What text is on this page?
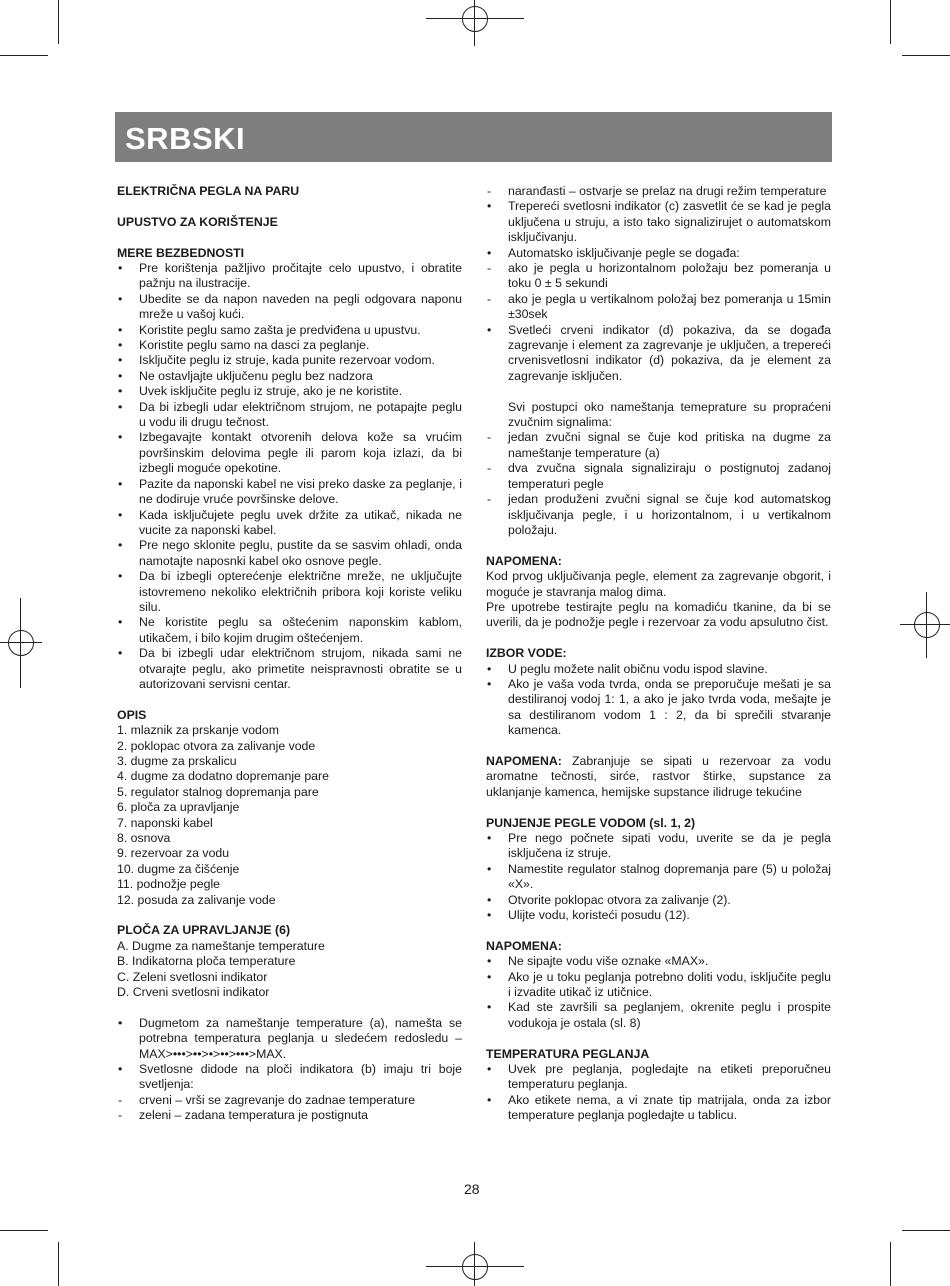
SRBSKI
ELEKTRIČNA PEGLA NA PARU
UPUSTVO ZA KORIŠTENJE
MERE BEZBEDNOSTI
• Pre korištenja pažljivo pročitajte celo upustvo, i obratite pažnju na ilustracije.
• Ubedite se da napon naveden na pegli odgovara naponu mreže u vašoj kući.
• Koristite peglu samo zašta je predviđena u upustvu.
• Koristite peglu samo na dasci za peglanje.
• Isključite peglu iz struje, kada punite rezervoar vodom.
• Ne ostavljajte uključenu peglu bez nadzora
• Uvek isključite peglu iz struje, ako je ne koristite.
• Da bi izbegli udar električnom strujom, ne potapajte peglu u vodu ili drugu tečnost.
• Izbegavajte kontakt otvorenih delova kože sa vrućim površinskim delovima pegle ili parom koja izlazi, da bi izbegli moguće opekotine.
• Pazite da naponski kabel ne visi preko daske za peglanje, i ne dodiruje vruće površinske delove.
• Kada isključujete peglu uvek držite za utikač, nikada ne vucite za naponski kabel.
• Pre nego sklonite peglu, pustite da se sasvim ohladi, onda namotajte naposnki kabel oko osnove pegle.
• Da bi izbegli opterećenje električne mreže, ne uključujte istovremeno nekoliko električnih pribora koji koriste veliku silu.
• Ne koristite peglu sa oštećenim naponskim kablom, utikačem, i bilo kojim drugim oštećenjem.
• Da bi izbegli udar električnom strujom, nikada sami ne otvarajte peglu, ako primetite neispravnosti obratite se u autorizovani servisni centar.
OPIS
1. mlaznik za prskanje vodom
2. poklopac otvora za zalivanje vode
3. dugme za prskalicu
4. dugme za dodatno dopremanje pare
5. regulator stalnog dopremanja pare
6. ploča za upravljanje
7. naponski kabel
8. osnova
9. rezervoar za vodu
10. dugme za čišćenje
11. podnožje pegle
12. posuda za zalivanje vode
PLOČA ZA UPRAVLJANJE (6)
A. Dugme za nameštanje temperature
B. Indikatorna ploča temperature
C. Zeleni svetlosni indikator
D. Crveni svetlosni indikator
• Dugmetom za nameštanje temperature (a), namešta se potrebna temperatura peglanja u sledećem redosledu – MAX>•••>••>•>••>•••>MAX.
• Svetlosne didode na ploči indikatora (b) imaju tri boje svetljenja:
- crveni – vrši se zagrevanje do zadnae temperature
- zeleni – zadana temperatura je postignuta
- naranđasti – ostvarje se prelaz na drugi režim temperature
• Trepereći svetlosni indikator (c) zasvetlit će se kad je pegla uključena u struju, a isto tako signalizirujet o automatskom isključivanju.
• Automatsko isključivanje pegle se događa:
- ako je pegla u horizontalnom položaju bez pomeranja u toku 0 ± 5 sekundi
- ako je pegla u vertikalnom položaj bez pomeranja u 15min ±30sek
• Svetleći crveni indikator (d) pokaziva, da se događa zagrevanje i element za zagrevanje je uključen, a trepereći crvenisvetlosni indikator (d) pokaziva, da je element za zagrevanje isključen.
Svi postupci oko nameštanja temeprature su propraćeni zvučnim signalima:
- jedan zvučni signal se čuje kod pritiska na dugme za nameštanje temperature (a)
- dva zvučna signala signaliziraju o postignutoj zadanoj temperaturi pegle
- jedan produženi zvučni signal se čuje kod automatskog isključivanja pegle, i u horizontalnom, i u vertikalnom položaju.
NAPOMENA:
Kod prvog uključivanja pegle, element za zagrevanje obgorit, i moguće je stavranja malog dima.
Pre upotrebe testirajte peglu na komadiću tkanine, da bi se uverili, da je podnožje pegle i rezervoar za vodu apsulutno čist.
IZBOR VODE:
• U peglu možete nalit običnu vodu ispod slavine.
• Ako je vaša voda tvrda, onda se preporučuje mešati je sa destiliranoj vodoj 1: 1, a ako je jako tvrda voda, mešajte je sa destiliranom vodom 1 : 2, da bi sprečili stvaranje kamenca.
NAPOMENA: Zabranjuje se sipati u rezervoar za vodu aromatne tečnosti, sirće, rastvor štirke, supstance za uklanjanje kamenca, hemijske supstance ilidruge tekućine
PUNJENJE PEGLE VODOM (sl. 1, 2)
• Pre nego počnete sipati vodu, uverite se da je pegla isključena iz struje.
• Namestite regulator stalnog dopremanja pare (5) u položaj «X».
• Otvorite poklopac otvora za zalivanje (2).
• Ulijte vodu, koristeći posudu (12).
NAPOMENA:
• Ne sipajte vodu više oznake «MAX».
• Ako je u toku peglanja potrebno doliti vodu, isključite peglu i izvadite utikač iz utičnice.
• Kad ste završili sa peglanjem, okrenite peglu i prospite vodukoja je ostala (sl. 8)
TEMPERATURA PEGLANJA
• Uvek pre peglanja, pogledajte na etiketi preporučneu temperaturu peglanja.
• Ako etikete nema, a vi znate tip matrijala, onda za izbor temperature peglanja pogledajte u tablicu.
28
